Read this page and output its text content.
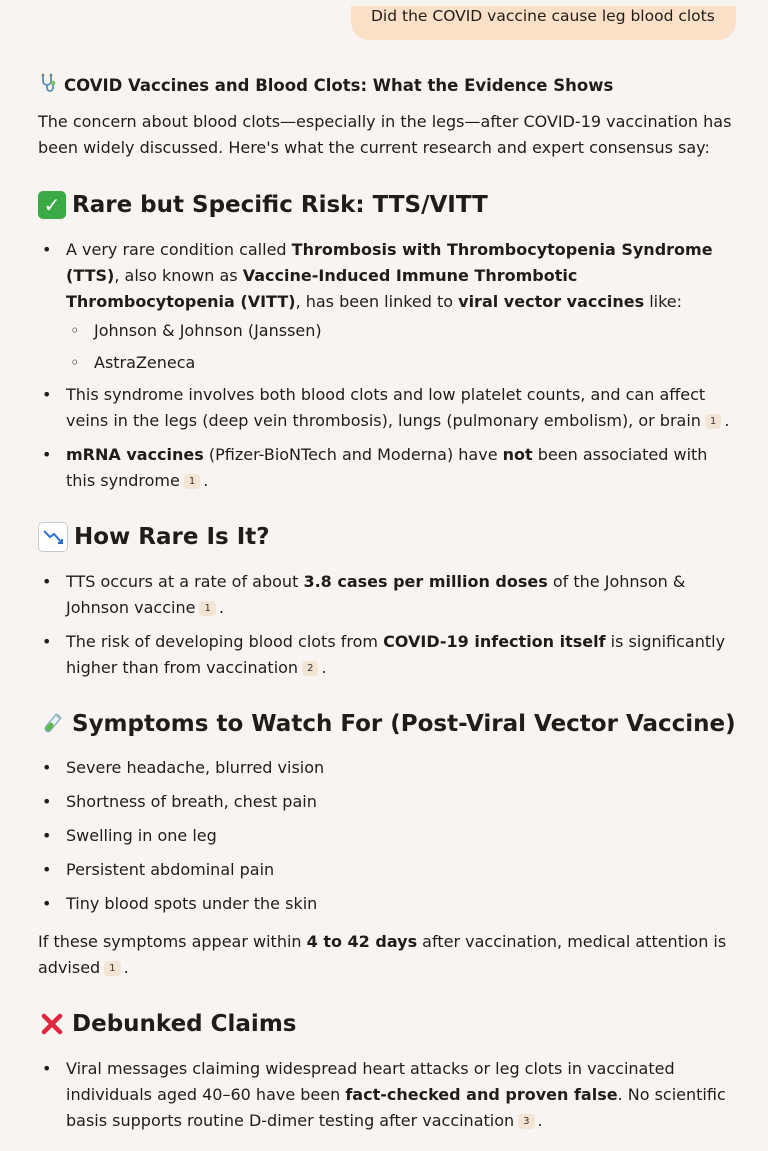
Did the COVID vaccine cause leg blood clots
COVID Vaccines and Blood Clots: What the Evidence Shows

The concern about blood clots—especially in the legs—after COVID-19 vaccination has been widely discussed. Here's what the current research and expert consensus say:

✓ Rare but Specific Risk: TTS/VITT
• A very rare condition called Thrombosis with Thrombocytopenia Syndrome (TTS), also known as Vaccine-Induced Immune Thrombotic Thrombocytopenia (VITT), has been linked to viral vector vaccines like:
◦ Johnson & Johnson (Janssen)
◦ AstraZeneca
• This syndrome involves both blood clots and low platelet counts, and can affect veins in the legs (deep vein thrombosis), lungs (pulmonary embolism), or brain 1 .
• mRNA vaccines (Pfizer-BioNTech and Moderna) have not been associated with this syndrome 1 .
How Rare Is It?
• TTS occurs at a rate of about 3.8 cases per million doses of the Johnson & Johnson vaccine 1 .
• The risk of developing blood clots from COVID-19 infection itself is significantly higher than from vaccination 2 .
Symptoms to Watch For (Post-Viral Vector Vaccine)
• Severe headache, blurred vision
• Shortness of breath, chest pain
• Swelling in one leg
• Persistent abdominal pain
• Tiny blood spots under the skin

If these symptoms appear within 4 to 42 days after vaccination, medical attention is advised 1 .

Debunked Claims
• Viral messages claiming widespread heart attacks or leg clots in vaccinated individuals aged 40–60 have been fact-checked and proven false. No scientific basis supports routine D-dimer testing after vaccination 3 .
